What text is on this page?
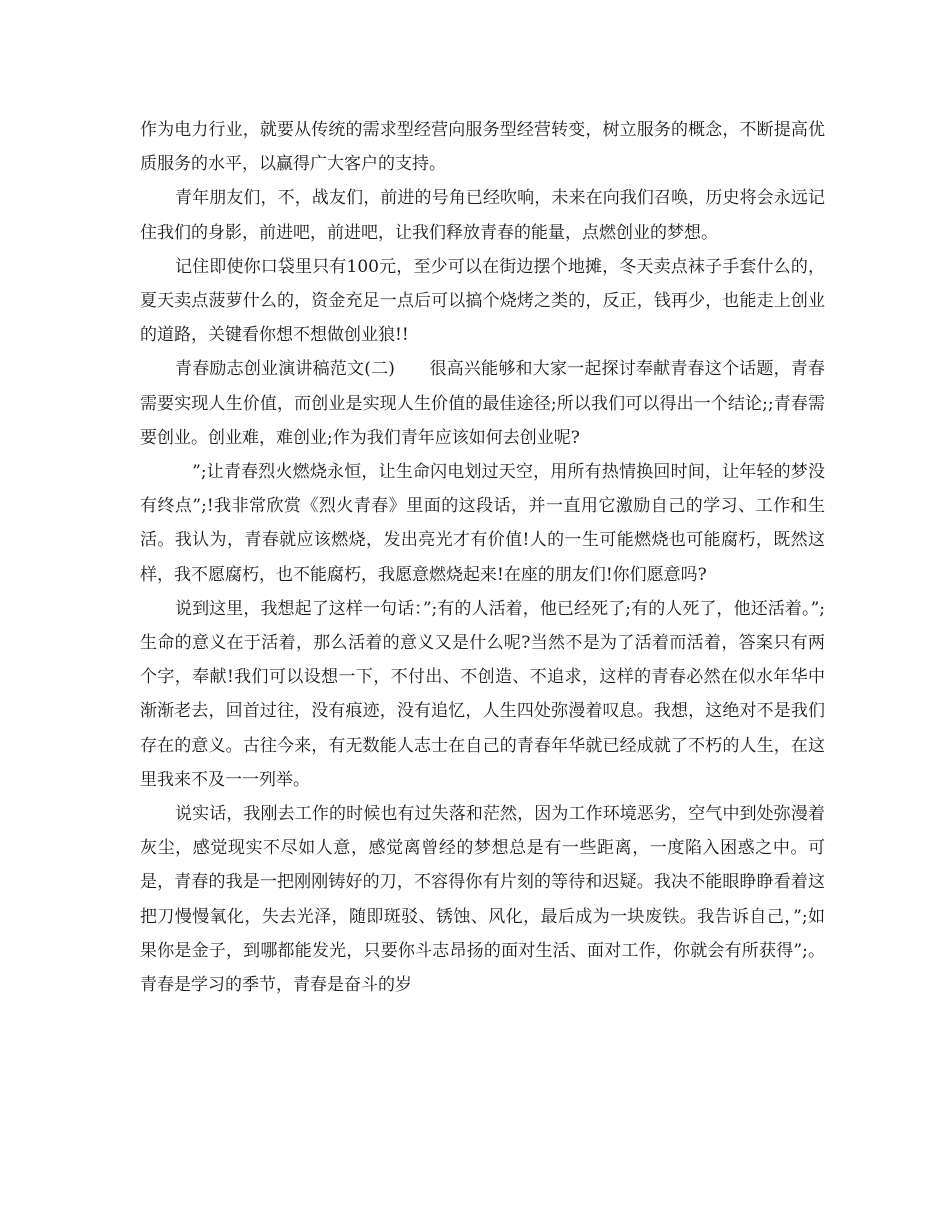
作为电力行业，就要从传统的需求型经营向服务型经营转变，树立服务的概念，不断提高优质服务的水平，以赢得广大客户的支持。

青年朋友们，不，战友们，前进的号角已经吹响，未来在向我们召唤，历史将会永远记住我们的身影，前进吧，前进吧，让我们释放青春的能量，点燃创业的梦想。

记住即使你口袋里只有100元，至少可以在街边摆个地摊，冬天卖点袜子手套什么的，夏天卖点菠萝什么的，资金充足一点后可以搞个烧烤之类的，反正，钱再少，也能走上创业的道路，关键看你想不想做创业狼!!

青春励志创业演讲稿范文(二)　　很高兴能够和大家一起探讨奉献青春这个话题，青春需要实现人生价值，而创业是实现人生价值的最佳途径;所以我们可以得出一个结论;;青春需要创业。创业难，难创业;作为我们青年应该如何去创业呢?

　”;让青春烈火燃烧永恒，让生命闪电划过天空，用所有热情换回时间，让年轻的梦没有终点”;!我非常欣赏《烈火青春》里面的这段话，并一直用它激励自己的学习、工作和生活。我认为，青春就应该燃烧，发出亮光才有价值!人的一生可能燃烧也可能腐朽，既然这样，我不愿腐朽，也不能腐朽，我愿意燃烧起来!在座的朋友们!你们愿意吗?

说到这里，我想起了这样一句话：”;有的人活着，他已经死了;有的人死了，他还活着。”;生命的意义在于活着，那么活着的意义又是什么呢?当然不是为了活着而活着，答案只有两个字，奉献!我们可以设想一下，不付出、不创造、不追求，这样的青春必然在似水年华中渐渐老去，回首过往，没有痕迹，没有追忆，人生四处弥漫着叹息。我想，这绝对不是我们存在的意义。古往今来，有无数能人志士在自己的青春年华就已经成就了不朽的人生，在这里我来不及一一列举。

说实话，我刚去工作的时候也有过失落和茫然，因为工作环境恶劣，空气中到处弥漫着灰尘，感觉现实不尽如人意，感觉离曾经的梦想总是有一些距离，一度陷入困惑之中。可是，青春的我是一把刚刚铸好的刀，不容得你有片刻的等待和迟疑。我决不能眼睁睁看着这把刀慢慢氧化，失去光泽，随即斑驳、锈蚀、风化，最后成为一块废铁。我告诉自己，”;如果你是金子，到哪都能发光，只要你斗志昂扬的面对生活、面对工作，你就会有所获得”;。青春是学习的季节，青春是奋斗的岁
